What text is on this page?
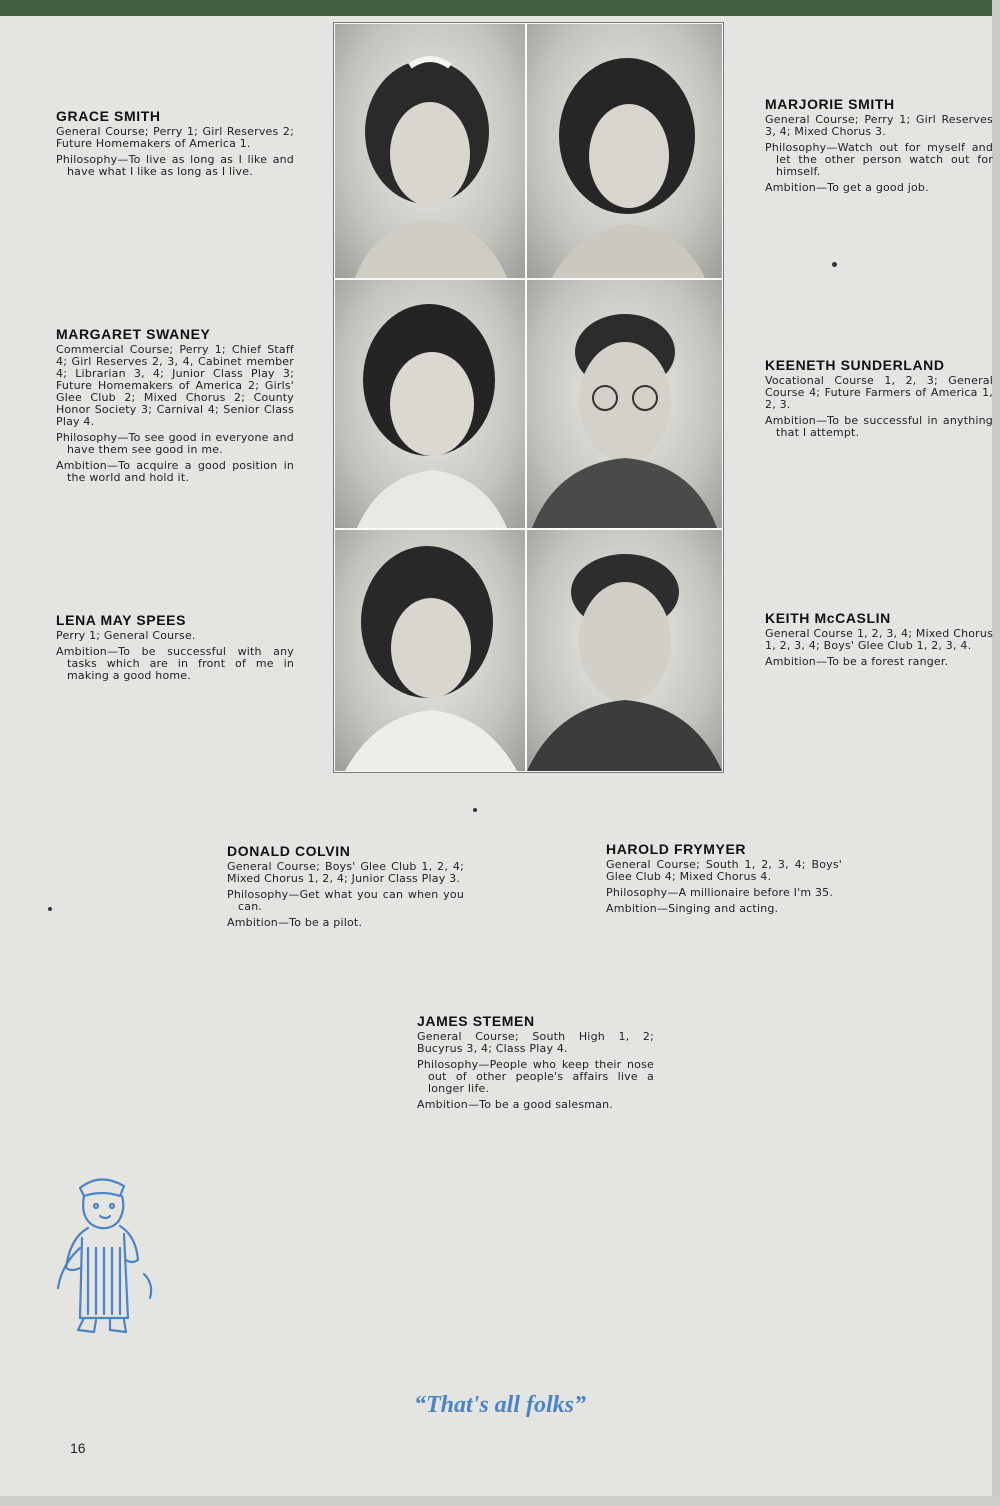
GRACE SMITH

General Course; Perry 1; Girl Reserves 2; Future Homemakers of America 1.

Philosophy—To live as long as I like and have what I like as long as I live.

MARJORIE SMITH

General Course; Perry 1; Girl Reserves 3, 4; Mixed Chorus 3.

Philosophy—Watch out for myself and let the other person watch out for himself.

Ambition—To get a good job.

MARGARET SWANEY

Commercial Course; Perry 1; Chief Staff 4; Girl Reserves 2, 3, 4, Cabinet member 4; Librarian 3, 4; Junior Class Play 3; Future Homemakers of America 2; Girls' Glee Club 2; Mixed Chorus 2; County Honor Society 3; Carnival 4; Senior Class Play 4.

Philosophy—To see good in everyone and have them see good in me.

Ambition—To acquire a good position in the world and hold it.

KEENETH SUNDERLAND

Vocational Course 1, 2, 3; General Course 4; Future Farmers of America 1, 2, 3.

Ambition—To be successful in anything that I attempt.

LENA MAY SPEES

Perry 1; General Course.

Ambition—To be successful with any tasks which are in front of me in making a good home.

KEITH McCASLIN

General Course 1, 2, 3, 4; Mixed Chorus 1, 2, 3, 4; Boys' Glee Club 1, 2, 3, 4.

Ambition—To be a forest ranger.

DONALD COLVIN

General Course; Boys' Glee Club 1, 2, 4; Mixed Chorus 1, 2, 4; Junior Class Play 3.

Philosophy—Get what you can when you can.

Ambition—To be a pilot.

HAROLD FRYMYER

General Course; South 1, 2, 3, 4; Boys' Glee Club 4; Mixed Chorus 4.

Philosophy—A millionaire before I'm 35.

Ambition—Singing and acting.

JAMES STEMEN

General Course; South High 1, 2; Bucyrus 3, 4; Class Play 4.

Philosophy—People who keep their nose out of other people's affairs live a longer life.

Ambition—To be a good salesman.

“That's all folks”
16
